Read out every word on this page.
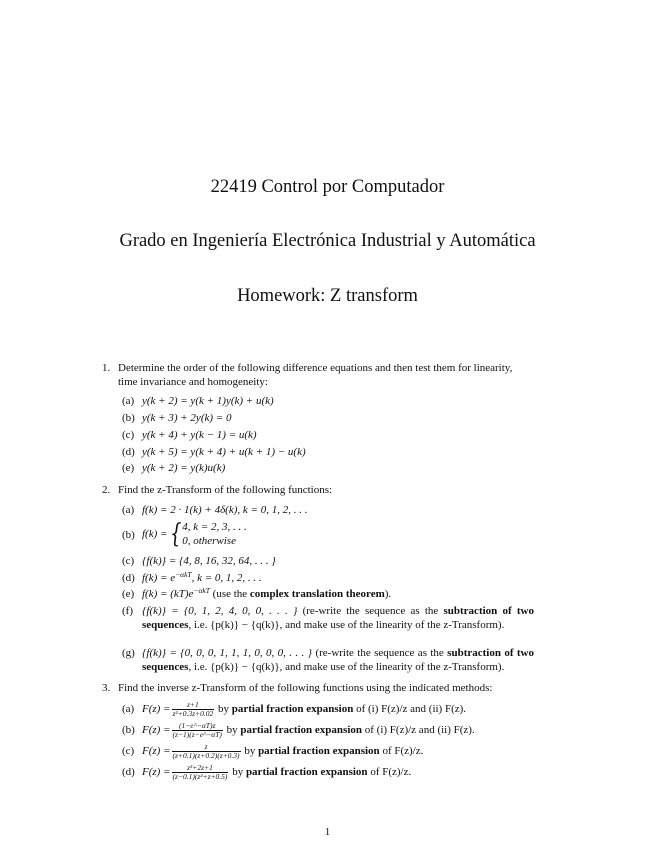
22419 Control por Computador
Grado en Ingeniería Electrónica Industrial y Automática
Homework: Z transform
1. Determine the order of the following difference equations and then test them for linearity, time invariance and homogeneity:
(a) y(k + 2) = y(k + 1)y(k) + u(k)
(b) y(k + 3) + 2y(k) = 0
(c) y(k + 4) + y(k − 1) = u(k)
(d) y(k + 5) = y(k + 4) + u(k + 1) − u(k)
(e) y(k + 2) = y(k)u(k)
2. Find the z-Transform of the following functions:
(a) f(k) = 2 · 1(k) + 4δ(k), k = 0, 1, 2, . . .
(b) f(k) = { 4, k = 2, 3, . . .
0, otherwise
(c) {f(k)} = {4, 8, 16, 32, 64, . . . }
(d) $f(k) = e^{-\alpha kT}$, k = 0, 1, 2, . . .
(e) $f(k) = (kT)e^{-\alpha kT}$ (use the complex translation theorem).
(f) {f(k)} = {0, 1, 2, 4, 0, 0, . . . } (re-write the sequence as the subtraction of two sequences, i.e. {p(k)} − {q(k)}, and make use of the linearity of the z-Transform).
(g) {f(k)} = {0, 0, 0, 1, 1, 1, 0, 0, 0, . . . } (re-write the sequence as the subtraction of two sequences, i.e. {p(k)} − {q(k)}, and make use of the linearity of the z-Transform).
3. Find the inverse z-Transform of the following functions using the indicated methods:
(a) $F(z) = \frac{z+1}{\text{z²+0.3z+0.02}}$ by partial fraction expansion of (i) F(z)/z and (ii) F(z).
(b) $F(z) = \frac{(1-e\^{}-\alpha T)z}{(z-1)(z-e\^{}-\alpha T)}$ by partial fraction expansion of (i) F(z)/z and (ii) F(z).
(c) $F(z) = \frac{z}{(z+0.1)(z+0.2)(z+0.3)}$ by partial fraction expansion of F(z)/z.
(d) $F(z) = \frac{\text{z³+2z+1}}{\text{(z−0.1)(z²+z+0.5)}}$ by partial fraction expansion of F(z)/z.
1
